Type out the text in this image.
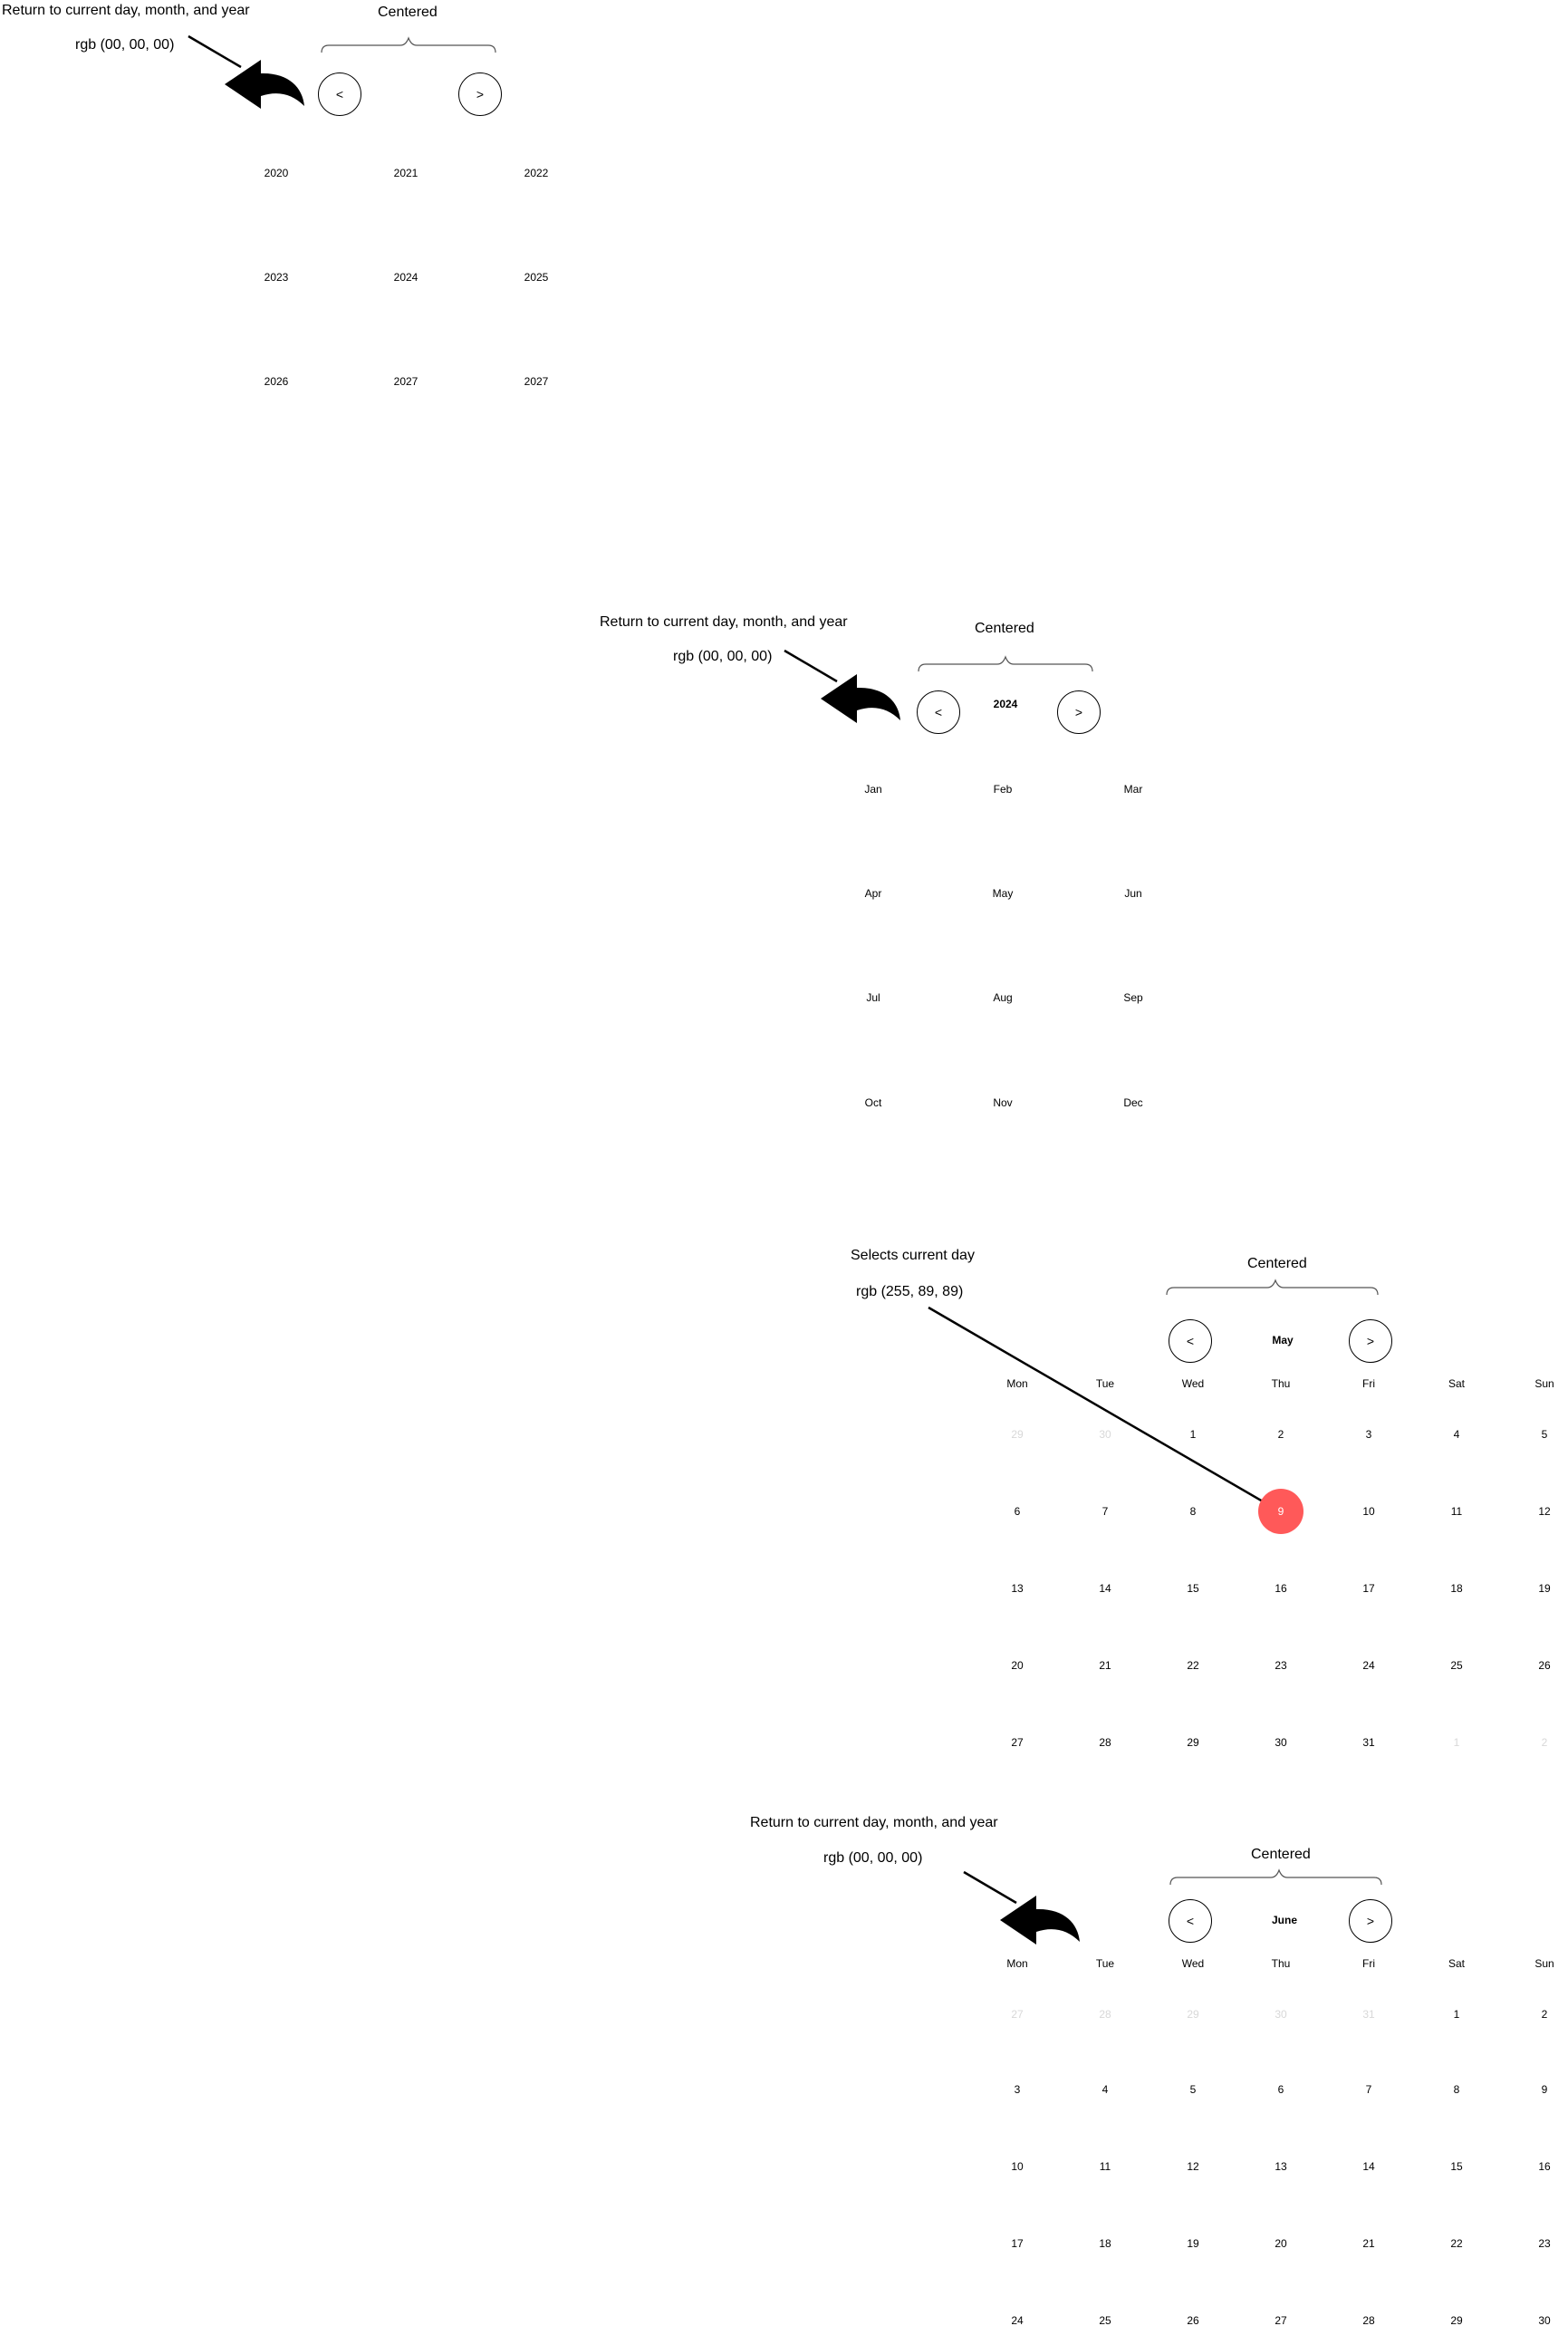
Return to current day, month, and year
rgb (00, 00, 00)
Centered
<	>
2020	2021	2022
2023	2024	2025
2026	2027	2027
Return to current day, month, and year
rgb (00, 00, 00)
Centered
<
2024
>
Jan	Feb	Mar
Apr	May	Jun
Jul	Aug	Sep
Oct	Nov	Dec
Selects current day
rgb (255, 89, 89)
Centered
<	May	>
Mon	Tue	Wed	Thu	Fri	Sat	Sun
29	30	1	2	3	4	5
6	7	8	9	10	11	12
13	14	15	16	17	18	19
20	21	22	23	24	25	26
27	28	29	30	31	1	2
Return to current day, month, and year
rgb (00, 00, 00)	Centered
<	June	>
Mon	Tue	Wed	Thu	Fri	Sat	Sun
27	28	29	30	31	1	2
3	4	5	6	7	8	9
10	11	12	13	14	15	16
17	18	19	20	21	22	23
24	25	26	27	28	29	30
